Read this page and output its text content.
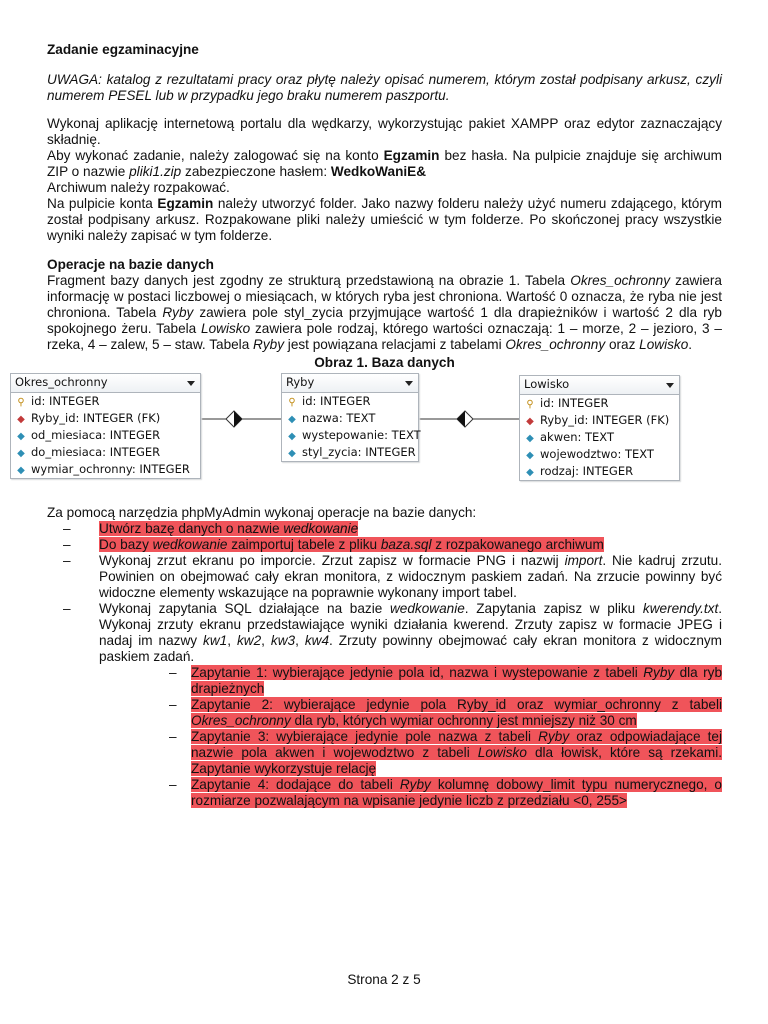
Zadanie egzaminacyjne

UWAGA: katalog z rezultatami pracy oraz płytę należy opisać numerem, którym został podpisany arkusz, czyli numerem PESEL lub w przypadku jego braku numerem paszportu.

Wykonaj aplikację internetową portalu dla wędkarzy, wykorzystując pakiet XAMPP oraz edytor zaznaczający składnię.

Aby wykonać zadanie, należy zalogować się na konto Egzamin bez hasła. Na pulpicie znajduje się archiwum ZIP o nazwie pliki1.zip zabezpieczone hasłem: WedkoWaniE&

Archiwum należy rozpakować.

Na pulpicie konta Egzamin należy utworzyć folder. Jako nazwy folderu należy użyć numeru zdającego, którym został podpisany arkusz. Rozpakowane pliki należy umieścić w tym folderze. Po skończonej pracy wszystkie wyniki należy zapisać w tym folderze.

Operacje na bazie danych

Fragment bazy danych jest zgodny ze strukturą przedstawioną na obrazie 1. Tabela Okres_ochronny zawiera informację w postaci liczbowej o miesiącach, w których ryba jest chroniona. Wartość 0 oznacza, że ryba nie jest chroniona. Tabela Ryby zawiera pole styl_zycia przyjmujące wartość 1 dla drapieżników i wartość 2 dla ryb spokojnego żeru. Tabela Lowisko zawiera pole rodzaj, którego wartości oznaczają: 1 – morze, 2 – jezioro, 3 – rzeka, 4 – zalew, 5 – staw. Tabela Ryby jest powiązana relacjami z tabelami Okres_ochronny oraz Lowisko.

Obraz 1. Baza danych

Okres_ochronny
⚲ id: INTEGER
◆ Ryby_id: INTEGER (FK)
◆ od_miesiaca: INTEGER
◆ do_miesiaca: INTEGER
◆ wymiar_ochronny: INTEGER
Ryby
⚲ id: INTEGER
◆ nazwa: TEXT
◆ wystepowanie: TEXT
◆ styl_zycia: INTEGER
Lowisko
⚲ id: INTEGER
◆ Ryby_id: INTEGER (FK)
◆ akwen: TEXT
◆ wojewodztwo: TEXT
◆ rodzaj: INTEGER

Za pomocą narzędzia phpMyAdmin wykonaj operacje na bazie danych:

– Utwórz bazę danych o nazwie wedkowanie
– Do bazy wedkowanie zaimportuj tabele z pliku baza.sql z rozpakowanego archiwum
– Wykonaj zrzut ekranu po imporcie. Zrzut zapisz w formacie PNG i nazwij import. Nie kadruj zrzutu. Powinien on obejmować cały ekran monitora, z widocznym paskiem zadań. Na zrzucie powinny być widoczne elementy wskazujące na poprawnie wykonany import tabel.
– Wykonaj zapytania SQL działające na bazie wedkowanie. Zapytania zapisz w pliku kwerendy.txt. Wykonaj zrzuty ekranu przedstawiające wyniki działania kwerend. Zrzuty zapisz w formacie JPEG i nadaj im nazwy kw1, kw2, kw3, kw4. Zrzuty powinny obejmować cały ekran monitora z widocznym paskiem zadań.
– Zapytanie 1: wybierające jedynie pola id, nazwa i wystepowanie z tabeli Ryby dla ryb drapieżnych
– Zapytanie 2: wybierające jedynie pola Ryby_id oraz wymiar_ochronny z tabeli Okres_ochronny dla ryb, których wymiar ochronny jest mniejszy niż 30 cm
– Zapytanie 3: wybierające jedynie pole nazwa z tabeli Ryby oraz odpowiadające tej nazwie pola akwen i wojewodztwo z tabeli Lowisko dla łowisk, które są rzekami. Zapytanie wykorzystuje relację
– Zapytanie 4: dodające do tabeli Ryby kolumnę dobowy_limit typu numerycznego, o rozmiarze pozwalającym na wpisanie jedynie liczb z przedziału <0, 255>
Strona 2 z 5
